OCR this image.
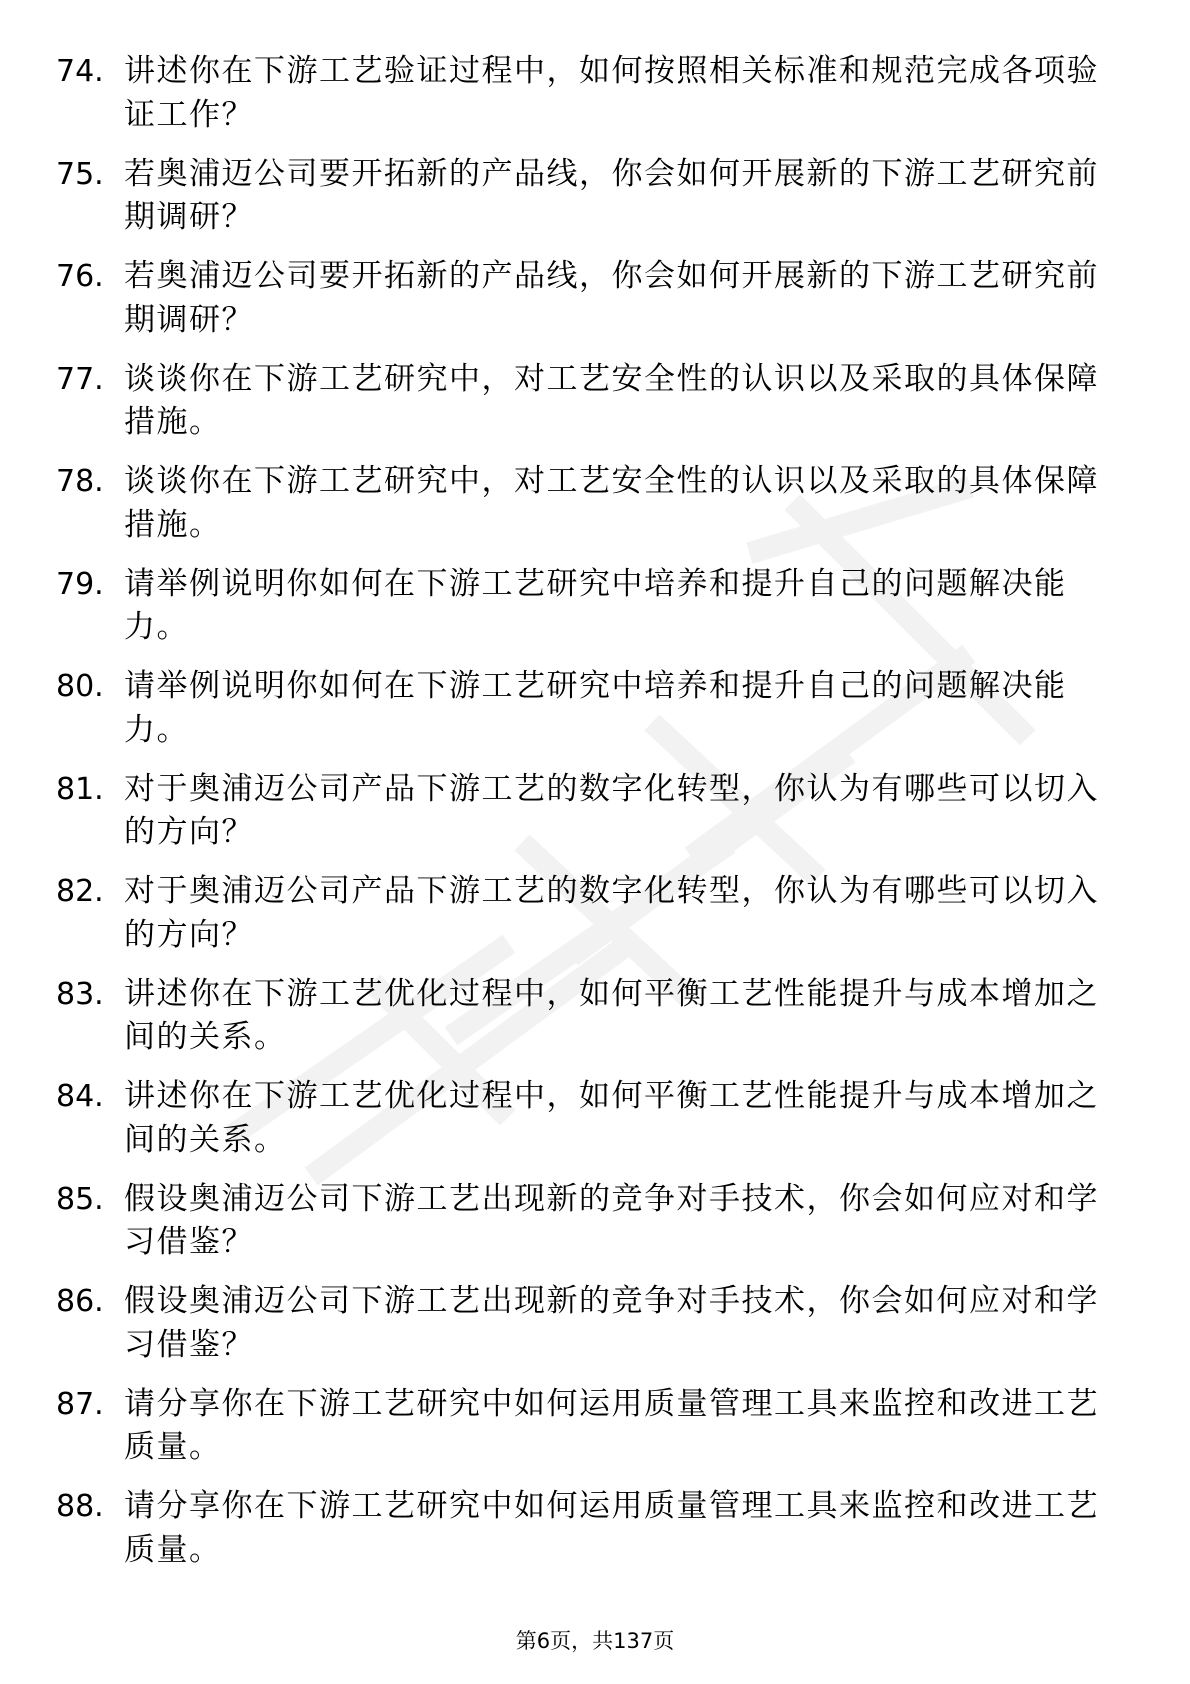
74. 讲述你在下游工艺验证过程中，如何按照相关标准和规范完成各项验证工作？
75. 若奥浦迈公司要开拓新的产品线，你会如何开展新的下游工艺研究前期调研？
76. 若奥浦迈公司要开拓新的产品线，你会如何开展新的下游工艺研究前期调研？
77. 谈谈你在下游工艺研究中，对工艺安全性的认识以及采取的具体保障措施。
78. 谈谈你在下游工艺研究中，对工艺安全性的认识以及采取的具体保障措施。
79. 请举例说明你如何在下游工艺研究中培养和提升自己的问题解决能力。
80. 请举例说明你如何在下游工艺研究中培养和提升自己的问题解决能力。
81. 对于奥浦迈公司产品下游工艺的数字化转型，你认为有哪些可以切入的方向？
82. 对于奥浦迈公司产品下游工艺的数字化转型，你认为有哪些可以切入的方向？
83. 讲述你在下游工艺优化过程中，如何平衡工艺性能提升与成本增加之间的关系。
84. 讲述你在下游工艺优化过程中，如何平衡工艺性能提升与成本增加之间的关系。
85. 假设奥浦迈公司下游工艺出现新的竞争对手技术，你会如何应对和学习借鉴？
86. 假设奥浦迈公司下游工艺出现新的竞争对手技术，你会如何应对和学习借鉴？
87. 请分享你在下游工艺研究中如何运用质量管理工具来监控和改进工艺质量。
88. 请分享你在下游工艺研究中如何运用质量管理工具来监控和改进工艺质量。
第6页，共137页
